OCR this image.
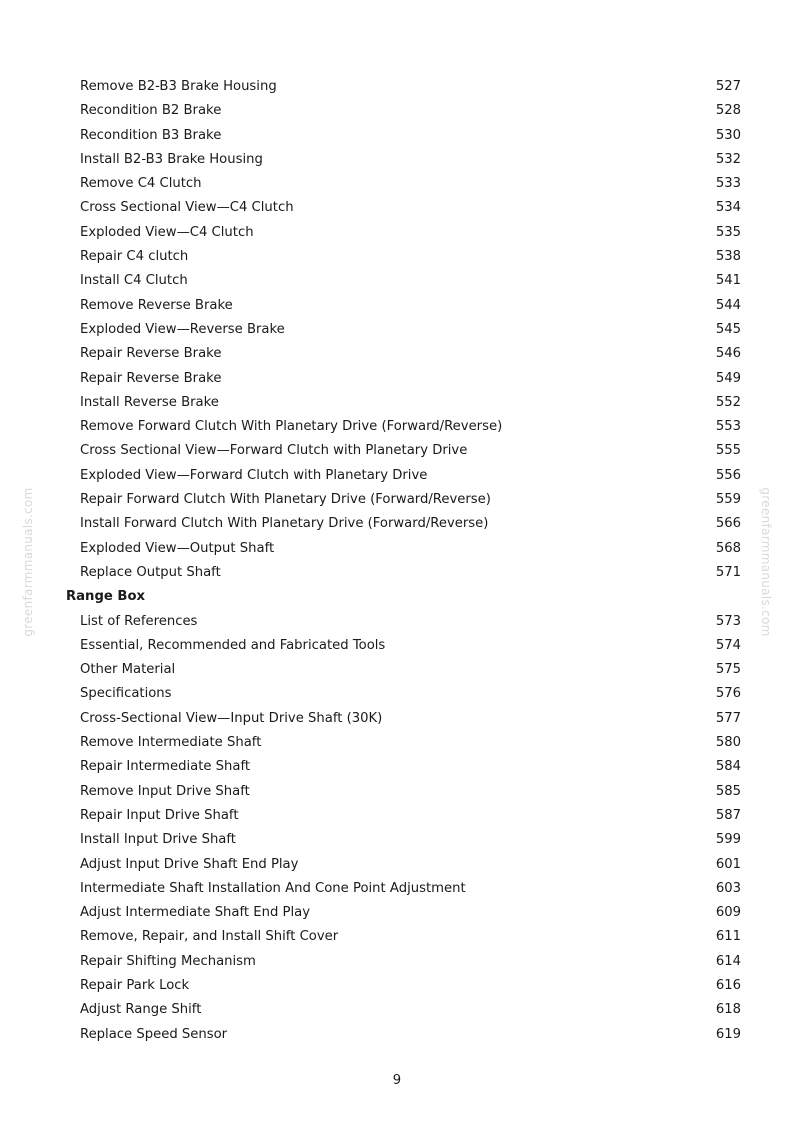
greenfarmmanuals.com	greenfarmmanuals.com
Remove B2-B3 Brake Housing	527
Recondition B2 Brake	528
Recondition B3 Brake	530
Install B2-B3 Brake Housing	532
Remove C4 Clutch	533
Cross Sectional View—C4 Clutch	534
Exploded View—C4 Clutch	535
Repair C4 clutch	538
Install C4 Clutch	541
Remove Reverse Brake	544
Exploded View—Reverse Brake	545
Repair Reverse Brake	546
Repair Reverse Brake	549
Install Reverse Brake	552
Remove Forward Clutch With Planetary Drive (Forward/Reverse)	553
Cross Sectional View—Forward Clutch with Planetary Drive	555
Exploded View—Forward Clutch with Planetary Drive	556
Repair Forward Clutch With Planetary Drive (Forward/Reverse)	559
Install Forward Clutch With Planetary Drive (Forward/Reverse)	566
Exploded View—Output Shaft	568
Replace Output Shaft	571
Range Box
List of References	573
Essential, Recommended and Fabricated Tools	574
Other Material	575
Specifications	576
Cross-Sectional View—Input Drive Shaft (30K)	577
Remove Intermediate Shaft	580
Repair Intermediate Shaft	584
Remove Input Drive Shaft	585
Repair Input Drive Shaft	587
Install Input Drive Shaft	599
Adjust Input Drive Shaft End Play	601
Intermediate Shaft Installation And Cone Point Adjustment	603
Adjust Intermediate Shaft End Play	609
Remove, Repair, and Install Shift Cover	611
Repair Shifting Mechanism	614
Repair Park Lock	616
Adjust Range Shift	618
Replace Speed Sensor	619
9
